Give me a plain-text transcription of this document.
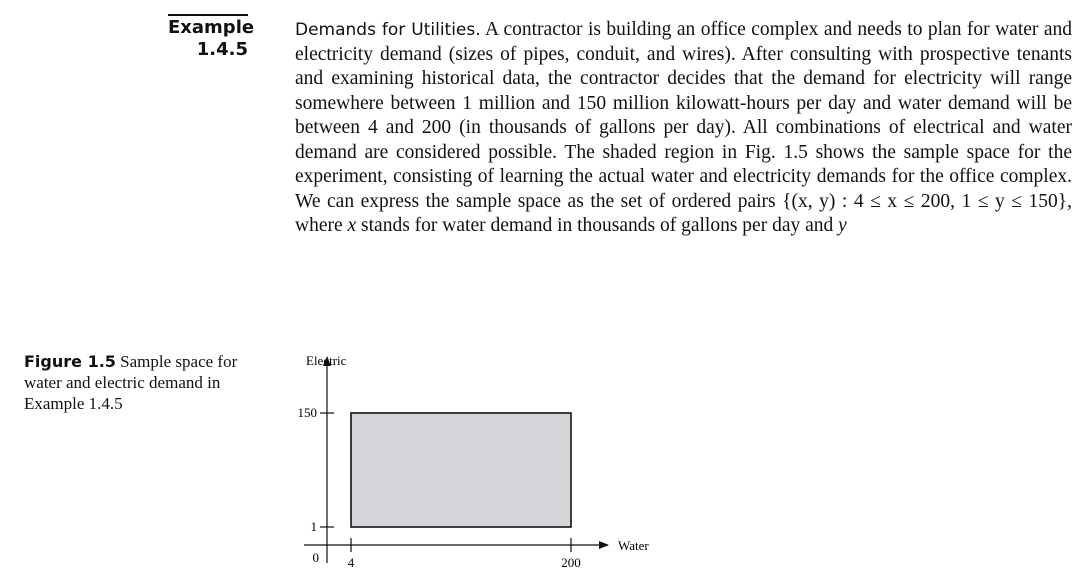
Example
1.4.5
Demands for Utilities. A contractor is building an office complex and needs to plan for water and electricity demand (sizes of pipes, conduit, and wires). After consulting with prospective tenants and examining historical data, the contractor decides that the demand for electricity will range somewhere between 1 million and 150 million kilowatt-hours per day and water demand will be between 4 and 200 (in thousands of gallons per day). All combinations of electrical and water demand are considered possible. The shaded region in Fig. 1.5 shows the sample space for the experiment, consisting of learning the actual water and electricity demands for the office complex. We can express the sample space as the set of ordered pairs {(x, y) : 4 ≤ x ≤ 200, 1 ≤ y ≤ 150}, where x stands for water demand in thousands of gallons per day and y
Figure 1.5 Sample space for water and electric demand in Example 1.4.5
Electric
Water
0 4	200
1
150
